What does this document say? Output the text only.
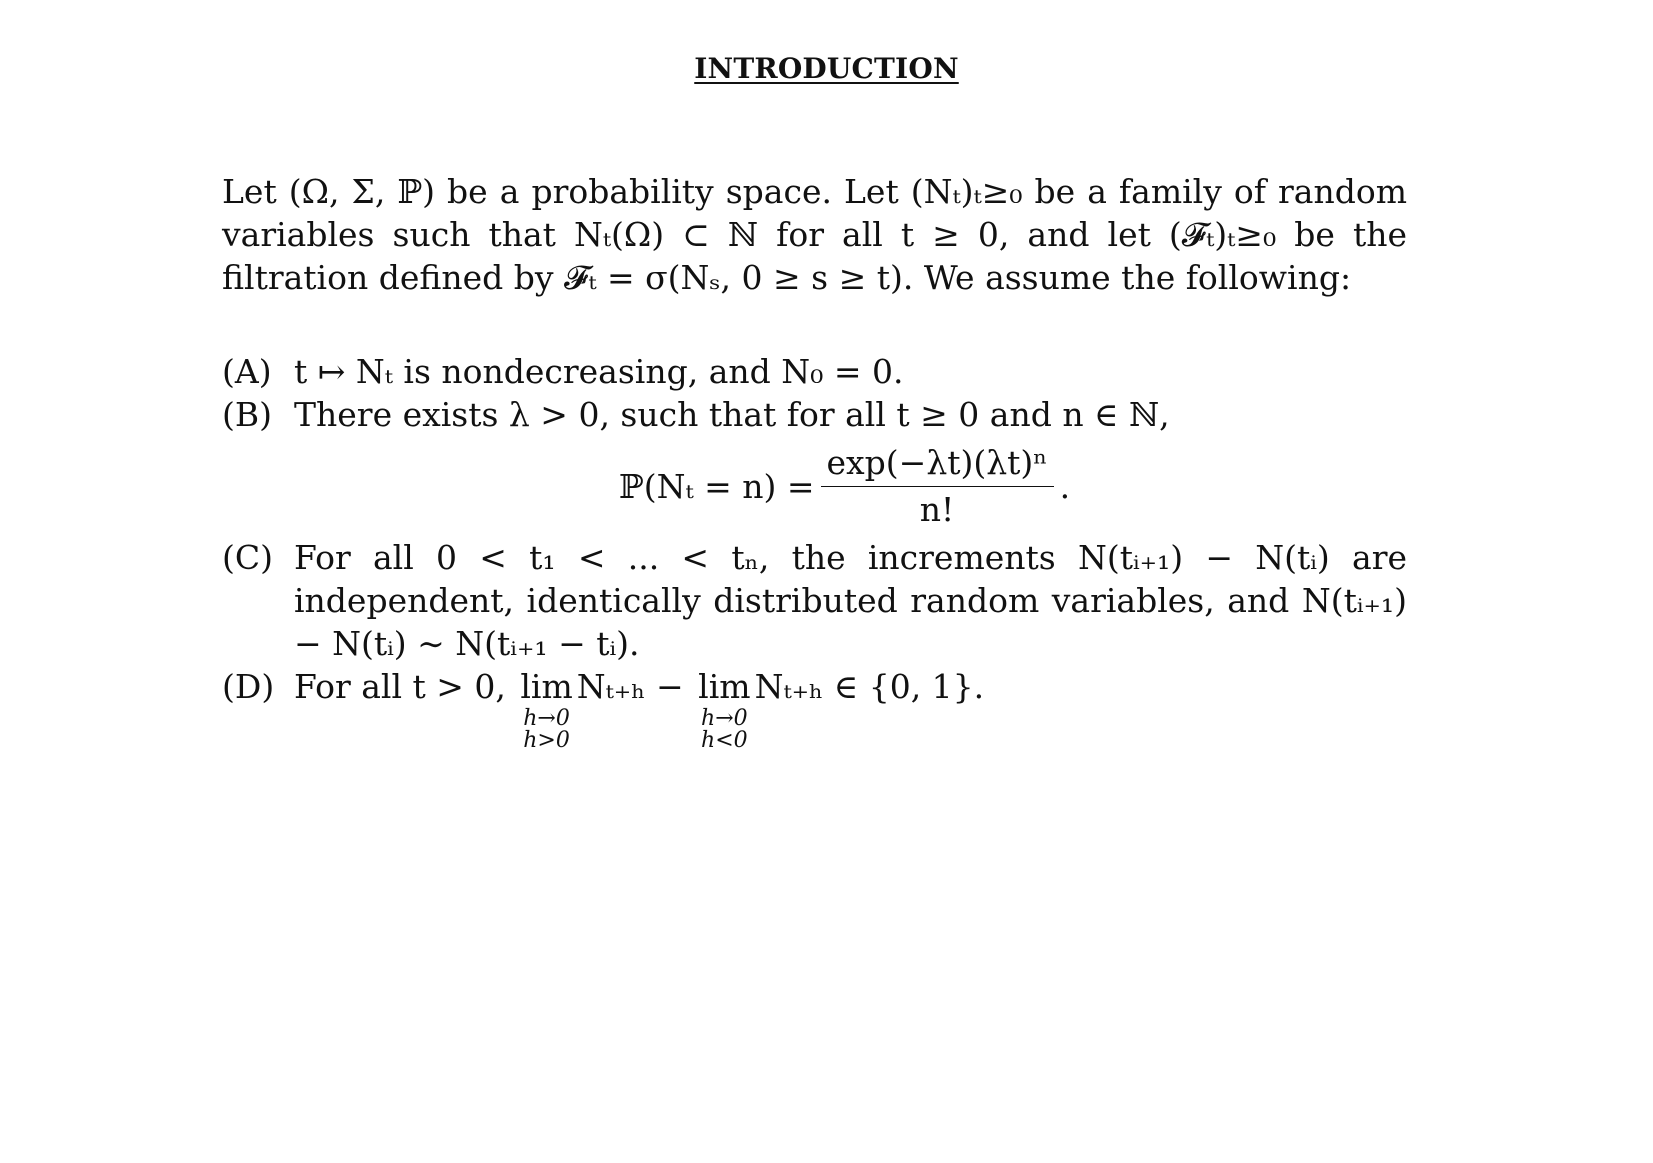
INTRODUCTION

Let (Ω, Σ, ℙ) be a probability space. Let (Nₜ)ₜ≥₀ be a family of random variables such that Nₜ(Ω) ⊂ ℕ for all t ≥ 0, and let (𝓕ₜ)ₜ≥₀ be the filtration defined by 𝓕ₜ = σ(Nₛ, 0 ≥ s ≥ t). We assume the following:

(A) t ↦ Nₜ is nondecreasing, and N₀ = 0.
(B) There exists λ > 0, such that for all t ≥ 0 and n ∈ ℕ,
ℙ(Nₜ = $n) = \frac{\text{exp(−λt)(λt)ⁿ}}{n!}$ .
(C) For all 0 < t₁ < ... < tₙ, the increments N(tᵢ₊₁) − N(tᵢ) are independent, identically distributed random variables, and N(tᵢ₊₁) − N(tᵢ) ∼ N(tᵢ₊₁ − tᵢ).
(D) For all t > 0, lim
h→0
h>0
Nₜ₊ₕ − lim
h→0
h<0
Nₜ₊ₕ ∈ {0, 1}.
